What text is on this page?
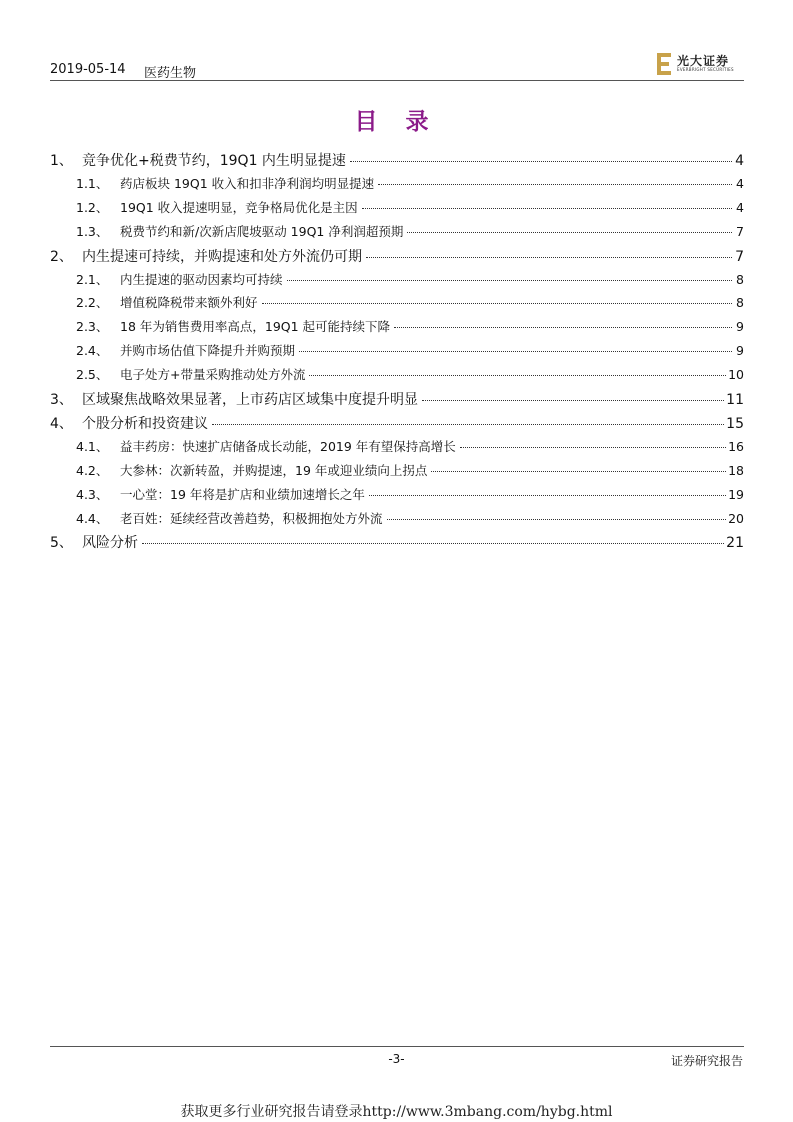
2019-05-14 医药生物
光大证券
EVERBRIGHT SECURITIES
目 录
1、 竞争优化+税费节约，19Q1 内生明显提速	4
1.1、 药店板块 19Q1 收入和扣非净利润均明显提速	4
1.2、 19Q1 收入提速明显，竞争格局优化是主因	4
1.3、 税费节约和新/次新店爬坡驱动 19Q1 净利润超预期	7
2、 内生提速可持续，并购提速和处方外流仍可期	7
2.1、 内生提速的驱动因素均可持续	8
2.2、 增值税降税带来额外利好	8
2.3、 18 年为销售费用率高点，19Q1 起可能持续下降	9
2.4、 并购市场估值下降提升并购预期	9
2.5、 电子处方+带量采购推动处方外流	10
3、 区域聚焦战略效果显著，上市药店区域集中度提升明显	11
4、 个股分析和投资建议	15
4.1、 益丰药房：快速扩店储备成长动能，2019 年有望保持高增长	16
4.2、 大参林：次新转盈，并购提速，19 年或迎业绩向上拐点	18
4.3、 一心堂：19 年将是扩店和业绩加速增长之年	19
4.4、 老百姓：延续经营改善趋势，积极拥抱处方外流	20
5、 风险分析	21
-3-	证券研究报告
获取更多行业研究报告请登录http://www.3mbang.com/hybg.html
